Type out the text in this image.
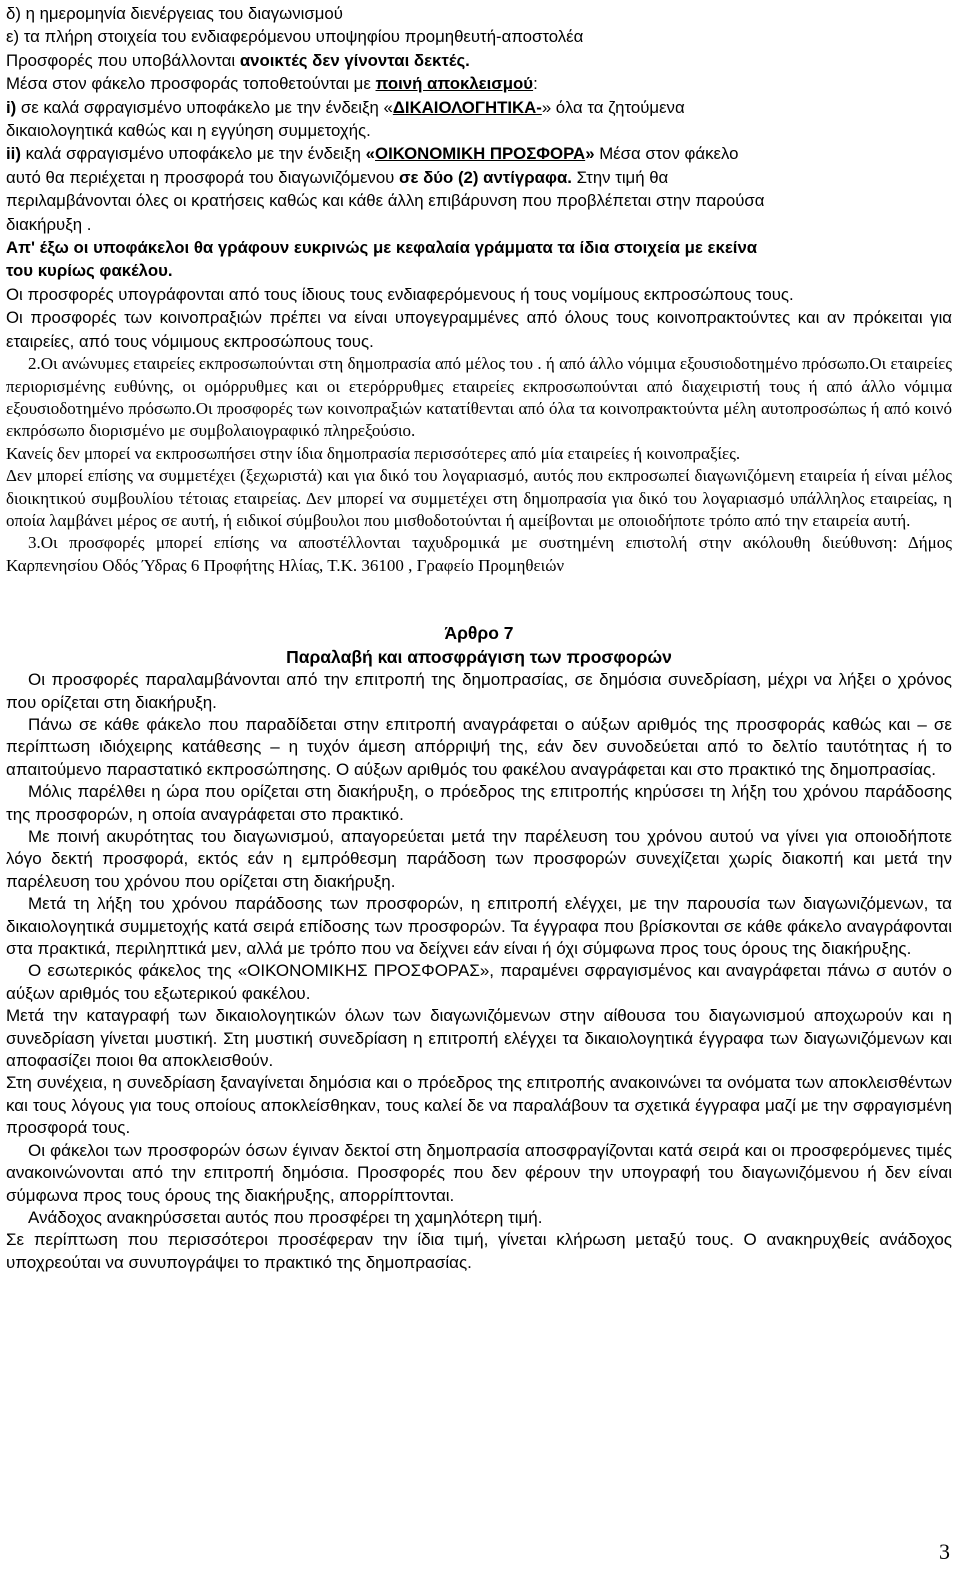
δ) η ημερομηνία διενέργειας του διαγωνισμού

ε) τα πλήρη στοιχεία του ενδιαφερόμενου υποψηφίου προμηθευτή-αποστολέα

Προσφορές που υποβάλλονται ανοικτές δεν γίνονται δεκτές.

Μέσα στον φάκελο προσφοράς τοποθετούνται με ποινή αποκλεισμού:

i) σε καλά σφραγισμένο υποφάκελο με την ένδειξη «ΔΙΚΑΙΟΛΟΓΗΤΙΚΑ-» όλα τα ζητούμενα

δικαιολογητικά καθώς και η εγγύηση συμμετοχής.

ii) καλά σφραγισμένο υποφάκελο με την ένδειξη «ΟΙΚΟΝΟΜΙΚΗ ΠΡΟΣΦΟΡΑ» Μέσα στον φάκελο

αυτό θα περιέχεται η προσφορά του διαγωνιζόμενου σε δύο (2) αντίγραφα. Στην τιμή θα

περιλαμβάνονται όλες οι κρατήσεις καθώς και κάθε άλλη επιβάρυνση που προβλέπεται στην παρούσα

διακήρυξη .

Απ' έξω οι υποφάκελοι θα γράφουν ευκρινώς με κεφαλαία γράμματα τα ίδια στοιχεία με εκείνα

του κυρίως φακέλου.

Οι προσφορές υπογράφονται από τους ίδιους τους ενδιαφερόμενους ή τους νομίμους εκπροσώπους τους.

Οι προσφορές των κοινοπραξιών πρέπει να είναι υπογεγραμμένες από όλους τους κοινοπρακτούντες και αν πρόκειται για εταιρείες, από τους νόμιμους εκπροσώπους τους.

2.Οι ανώνυμες εταιρείες εκπροσωπούνται στη δημοπρασία από μέλος του . ή από άλλο νόμιμα εξουσιοδοτημένο πρόσωπο.Οι εταιρείες περιορισμένης ευθύνης, οι ομόρρυθμες και οι ετερόρρυθμες εταιρείες εκπροσωπούνται από διαχειριστή τους ή από άλλο νόμιμα εξουσιοδοτημένο πρόσωπο.Οι προσφορές των κοινοπραξιών κατατίθενται από όλα τα κοινοπρακτούντα μέλη αυτοπροσώπως ή από κοινό εκπρόσωπο διορισμένο με συμβολαιογραφικό πληρεξούσιο.

Κανείς δεν μπορεί να εκπροσωπήσει στην ίδια δημοπρασία περισσότερες από μία εταιρείες ή κοινοπραξίες.

Δεν μπορεί επίσης να συμμετέχει (ξεχωριστά) και για δικό του λογαριασμό, αυτός που εκπροσωπεί διαγωνιζόμενη εταιρεία ή είναι μέλος διοικητικού συμβουλίου τέτοιας εταιρείας. Δεν μπορεί να συμμετέχει στη δημοπρασία για δικό του λογαριασμό υπάλληλος εταιρείας, η οποία λαμβάνει μέρος σε αυτή, ή ειδικοί σύμβουλοι που μισθοδοτούνται ή αμείβονται με οποιοδήποτε τρόπο από την εταιρεία αυτή.

3.Οι προσφορές μπορεί επίσης να αποστέλλονται ταχυδρομικά με συστημένη επιστολή στην ακόλουθη διεύθυνση: Δήμος Καρπενησίου Οδός Ύδρας 6 Προφήτης Ηλίας, Τ.Κ. 36100 , Γραφείο Προμηθειών

Άρθρο 7

Παραλαβή και αποσφράγιση των προσφορών

Οι προσφορές παραλαμβάνονται από την επιτροπή της δημοπρασίας, σε δημόσια συνεδρίαση, μέχρι να λήξει ο χρόνος που ορίζεται στη διακήρυξη.

Πάνω σε κάθε φάκελο που παραδίδεται στην επιτροπή αναγράφεται ο αύξων αριθμός της προσφοράς καθώς και – σε περίπτωση ιδιόχειρης κατάθεσης – η τυχόν άμεση απόρριψή της, εάν δεν συνοδεύεται από το δελτίο ταυτότητας ή το απαιτούμενο παραστατικό εκπροσώπησης. Ο αύξων αριθμός του φακέλου αναγράφεται και στο πρακτικό της δημοπρασίας.

Μόλις παρέλθει η ώρα που ορίζεται στη διακήρυξη, ο πρόεδρος της επιτροπής κηρύσσει τη λήξη του χρόνου παράδοσης της προσφορών, η οποία αναγράφεται στο πρακτικό.

Με ποινή ακυρότητας του διαγωνισμού, απαγορεύεται μετά την παρέλευση του χρόνου αυτού να γίνει για οποιοδήποτε λόγο δεκτή προσφορά, εκτός εάν η εμπρόθεσμη παράδοση των προσφορών συνεχίζεται χωρίς διακοπή και μετά την παρέλευση του χρόνου που ορίζεται στη διακήρυξη.

Μετά τη λήξη του χρόνου παράδοσης των προσφορών, η επιτροπή ελέγχει, με την παρουσία των διαγωνιζόμενων, τα δικαιολογητικά συμμετοχής κατά σειρά επίδοσης των προσφορών. Τα έγγραφα που βρίσκονται σε κάθε φάκελο αναγράφονται στα πρακτικά, περιληπτικά μεν, αλλά με τρόπο που να δείχνει εάν είναι ή όχι σύμφωνα προς τους όρους της διακήρυξης.

Ο εσωτερικός φάκελος της «ΟΙΚΟΝΟΜΙΚΗΣ ΠΡΟΣΦΟΡΑΣ», παραμένει σφραγισμένος και αναγράφεται πάνω σ αυτόν ο αύξων αριθμός του εξωτερικού φακέλου.

Μετά την καταγραφή των δικαιολογητικών όλων των διαγωνιζόμενων στην αίθουσα του διαγωνισμού αποχωρούν και η συνεδρίαση γίνεται μυστική. Στη μυστική συνεδρίαση η επιτροπή ελέγχει τα δικαιολογητικά έγγραφα των διαγωνιζόμενων και αποφασίζει ποιοι θα αποκλεισθούν.

Στη συνέχεια, η συνεδρίαση ξαναγίνεται δημόσια και ο πρόεδρος της επιτροπής ανακοινώνει τα ονόματα των αποκλεισθέντων και τους λόγους για τους οποίους αποκλείσθηκαν, τους καλεί δε να παραλάβουν τα σχετικά έγγραφα μαζί με την σφραγισμένη προσφορά τους.

Οι φάκελοι των προσφορών όσων έγιναν δεκτοί στη δημοπρασία αποσφραγίζονται κατά σειρά και οι προσφερόμενες τιμές ανακοινώνονται από την επιτροπή δημόσια. Προσφορές που δεν φέρουν την υπογραφή του διαγωνιζόμενου ή δεν είναι σύμφωνα προς τους όρους της διακήρυξης, απορρίπτονται.

Ανάδοχος ανακηρύσσεται αυτός που προσφέρει τη χαμηλότερη τιμή.

Σε περίπτωση που περισσότεροι προσέφεραν την ίδια τιμή, γίνεται κλήρωση μεταξύ τους. Ο ανακηρυχθείς ανάδοχος υποχρεούται να συνυπογράψει το πρακτικό της δημοπρασίας.

3
